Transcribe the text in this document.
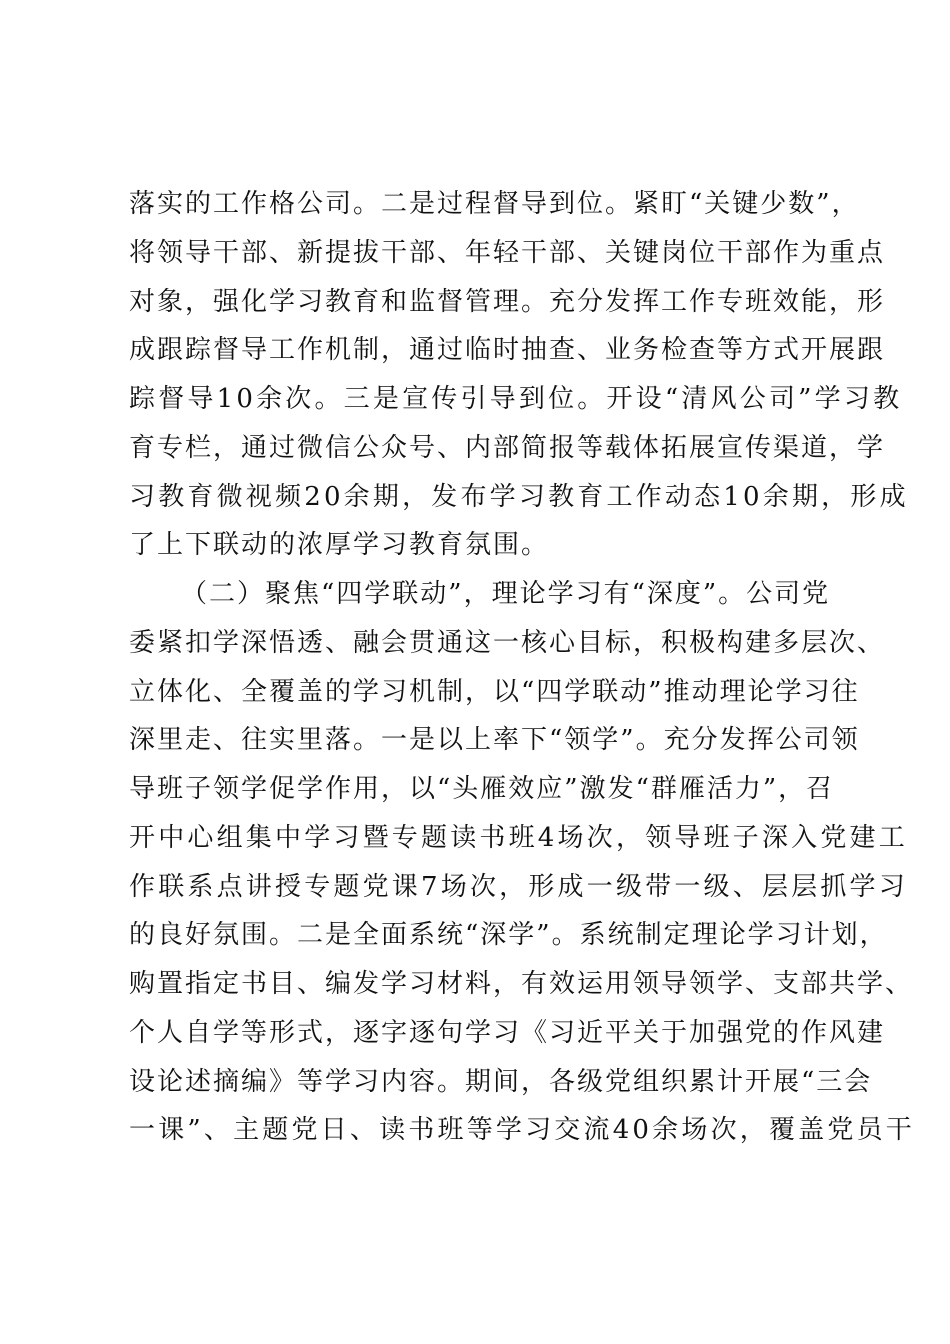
落实的工作格公司。二是过程督导到位。紧盯“关键少数”，
将领导干部、新提拔干部、年轻干部、关键岗位干部作为重点
对象，强化学习教育和监督管理。充分发挥工作专班效能，形
成跟踪督导工作机制，通过临时抽查、业务检查等方式开展跟
踪督导10余次。三是宣传引导到位。开设“清风公司”学习教
育专栏，通过微信公众号、内部简报等载体拓展宣传渠道，学
习教育微视频20余期，发布学习教育工作动态10余期，形成
了上下联动的浓厚学习教育氛围。
（二）聚焦“四学联动”，理论学习有“深度”。公司党
委紧扣学深悟透、融会贯通这一核心目标，积极构建多层次、
立体化、全覆盖的学习机制，以“四学联动”推动理论学习往
深里走、往实里落。一是以上率下“领学”。充分发挥公司领
导班子领学促学作用，以“头雁效应”激发“群雁活力”，召
开中心组集中学习暨专题读书班4场次，领导班子深入党建工
作联系点讲授专题党课7场次，形成一级带一级、层层抓学习
的良好氛围。二是全面系统“深学”。系统制定理论学习计划，
购置指定书目、编发学习材料，有效运用领导领学、支部共学、
个人自学等形式，逐字逐句学习《习近平关于加强党的作风建
设论述摘编》等学习内容。期间，各级党组织累计开展“三会
一课”、主题党日、读书班等学习交流40余场次，覆盖党员干
